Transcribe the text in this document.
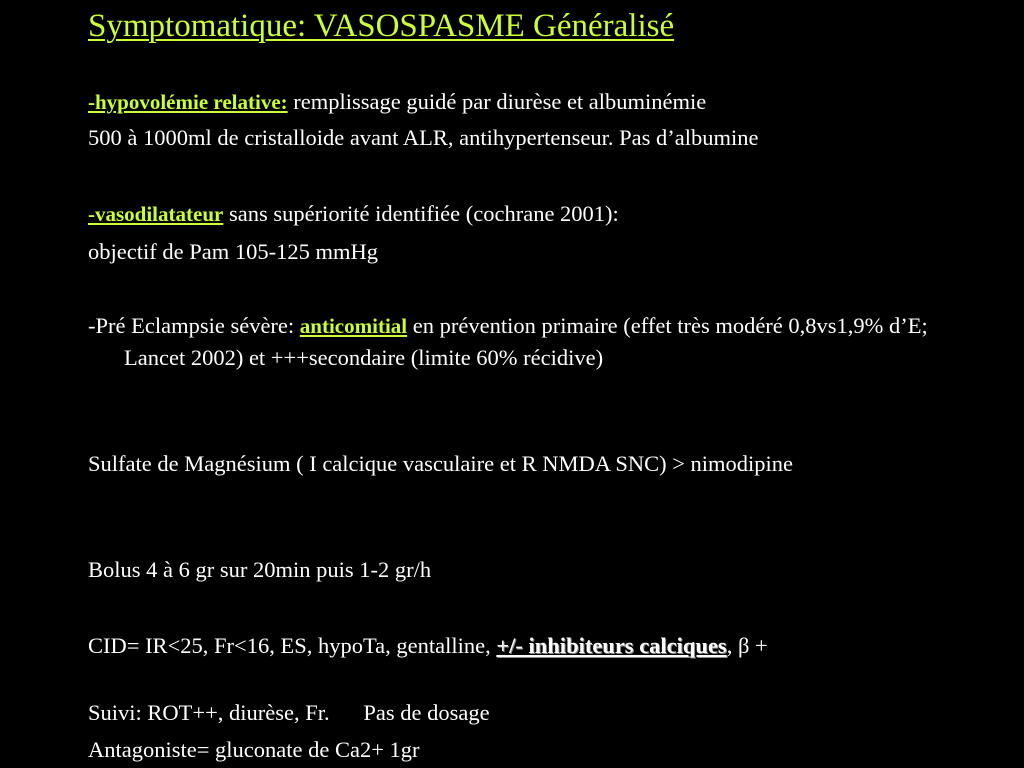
Symptomatique: VASOSPASME Généralisé
-hypovolémie relative: remplissage guidé par diurèse et albuminémie
500 à 1000ml de cristalloide avant ALR, antihypertenseur. Pas d’albumine
-vasodilatateur sans supériorité identifiée (cochrane 2001):
objectif de Pam 105-125 mmHg
-Pré Eclampsie sévère: anticomitial en prévention primaire (effet très modéré 0,8vs1,9% d’E; Lancet 2002) et +++secondaire (limite 60% récidive)
Sulfate de Magnésium ( I calcique vasculaire et R NMDA SNC) > nimodipine
Bolus 4 à 6 gr sur 20min puis 1-2 gr/h
CID= IR<25, Fr<16, ES, hypoTa, gentalline, +/- inhibiteurs calciques, β +
Suivi: ROT++, diurèse, Fr.      Pas de dosage
Antagoniste= gluconate de Ca2+ 1gr
